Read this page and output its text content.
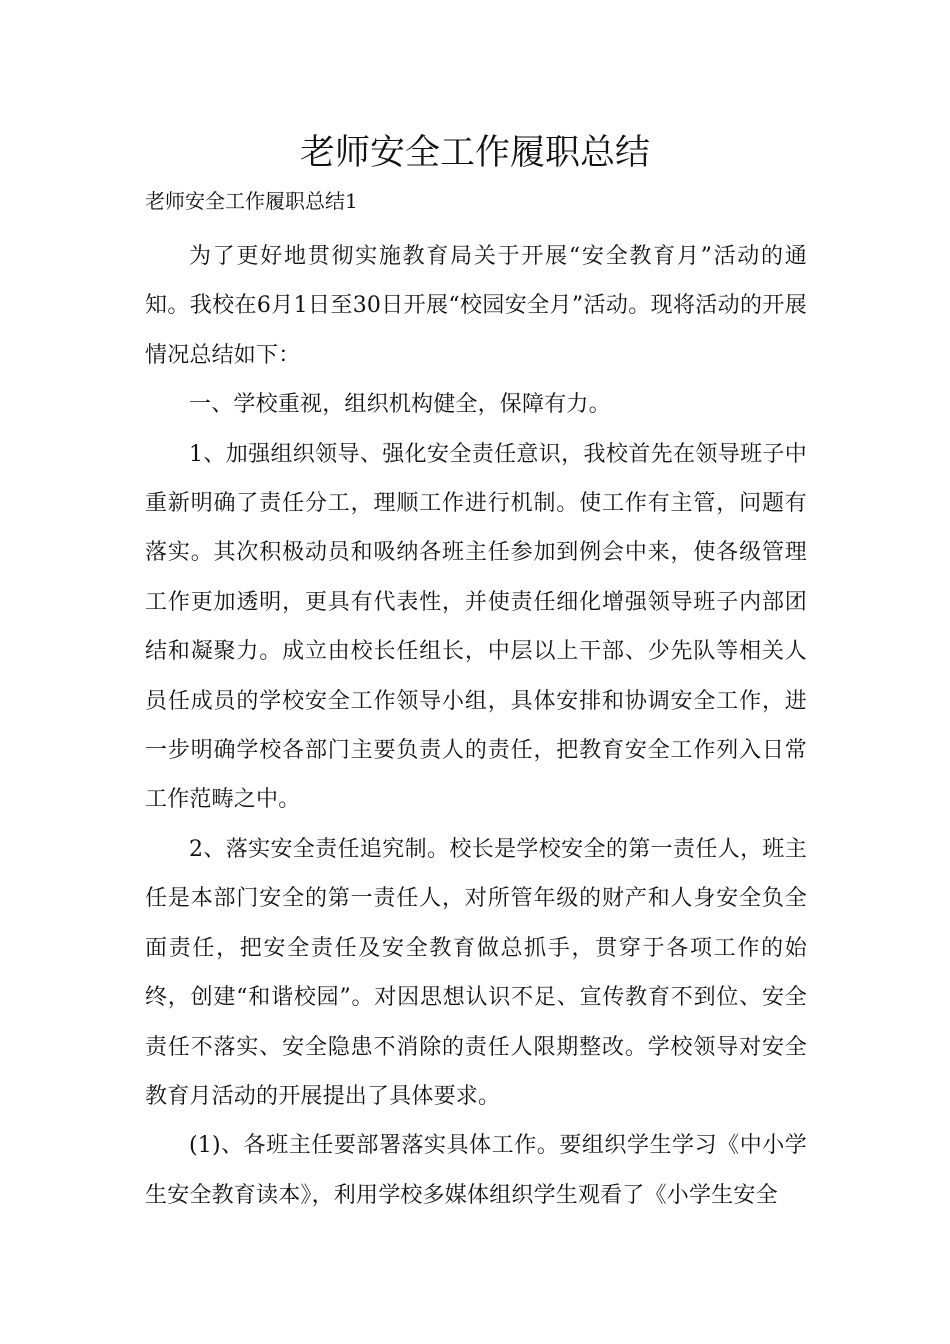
老师安全工作履职总结

老师安全工作履职总结1

为了更好地贯彻实施教育局关于开展“安全教育月”活动的通知。我校在6月1日至30日开展“校园安全月”活动。现将活动的开展情况总结如下：

一、学校重视，组织机构健全，保障有力。

1、加强组织领导、强化安全责任意识，我校首先在领导班子中重新明确了责任分工，理顺工作进行机制。使工作有主管，问题有落实。其次积极动员和吸纳各班主任参加到例会中来，使各级管理工作更加透明，更具有代表性，并使责任细化增强领导班子内部团结和凝聚力。成立由校长任组长，中层以上干部、少先队等相关人员任成员的学校安全工作领导小组，具体安排和协调安全工作，进一步明确学校各部门主要负责人的责任，把教育安全工作列入日常工作范畴之中。

2、落实安全责任追究制。校长是学校安全的第一责任人，班主任是本部门安全的第一责任人，对所管年级的财产和人身安全负全面责任，把安全责任及安全教育做总抓手，贯穿于各项工作的始终，创建“和谐校园”。对因思想认识不足、宣传教育不到位、安全责任不落实、安全隐患不消除的责任人限期整改。学校领导对安全教育月活动的开展提出了具体要求。

(1)、各班主任要部署落实具体工作。要组织学生学习《中小学生安全教育读本》，利用学校多媒体组织学生观看了《小学生安全
